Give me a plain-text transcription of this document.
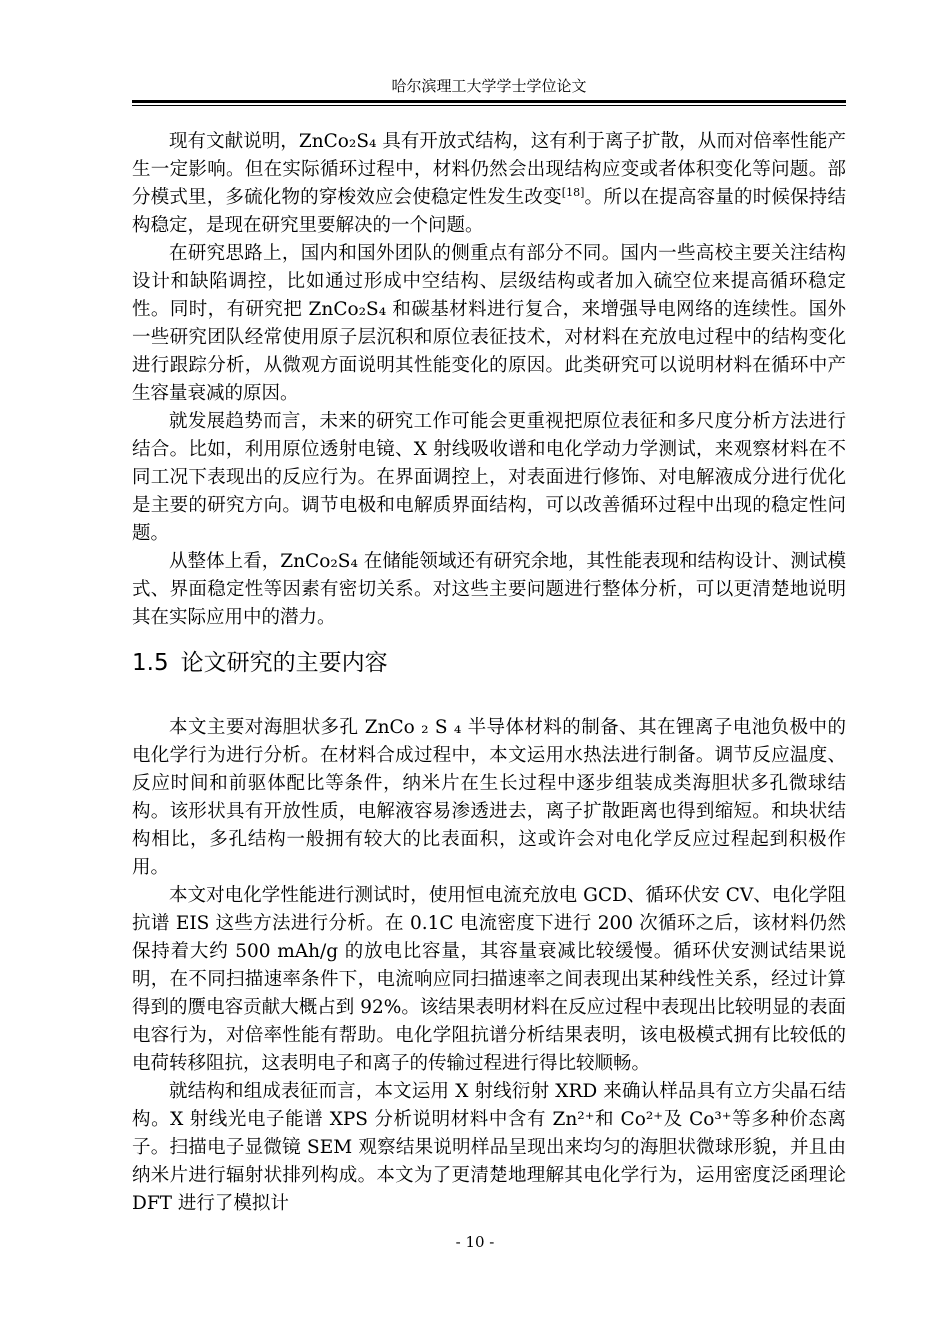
哈尔滨理工大学学士学位论文

现有文献说明，ZnCo₂S₄ 具有开放式结构，这有利于离子扩散，从而对倍率性能产生一定影响。但在实际循环过程中，材料仍然会出现结构应变或者体积变化等问题。部分模式里，多硫化物的穿梭效应会使稳定性发生改变[18]。所以在提高容量的时候保持结构稳定，是现在研究里要解决的一个问题。

在研究思路上，国内和国外团队的侧重点有部分不同。国内一些高校主要关注结构设计和缺陷调控，比如通过形成中空结构、层级结构或者加入硫空位来提高循环稳定性。同时，有研究把 ZnCo₂S₄ 和碳基材料进行复合，来增强导电网络的连续性。国外一些研究团队经常使用原子层沉积和原位表征技术，对材料在充放电过程中的结构变化进行跟踪分析，从微观方面说明其性能变化的原因。此类研究可以说明材料在循环中产生容量衰减的原因。

就发展趋势而言，未来的研究工作可能会更重视把原位表征和多尺度分析方法进行结合。比如，利用原位透射电镜、X 射线吸收谱和电化学动力学测试，来观察材料在不同工况下表现出的反应行为。在界面调控上，对表面进行修饰、对电解液成分进行优化是主要的研究方向。调节电极和电解质界面结构，可以改善循环过程中出现的稳定性问题。

从整体上看，ZnCo₂S₄ 在储能领域还有研究余地，其性能表现和结构设计、测试模式、界面稳定性等因素有密切关系。对这些主要问题进行整体分析，可以更清楚地说明其在实际应用中的潜力。

1.5 论文研究的主要内容

本文主要对海胆状多孔 ZnCo ₂ S ₄ 半导体材料的制备、其在锂离子电池负极中的电化学行为进行分析。在材料合成过程中，本文运用水热法进行制备。调节反应温度、反应时间和前驱体配比等条件，纳米片在生长过程中逐步组装成类海胆状多孔微球结构。该形状具有开放性质，电解液容易渗透进去，离子扩散距离也得到缩短。和块状结构相比，多孔结构一般拥有较大的比表面积，这或许会对电化学反应过程起到积极作用。

本文对电化学性能进行测试时，使用恒电流充放电 GCD、循环伏安 CV、电化学阻抗谱 EIS 这些方法进行分析。在 0.1C 电流密度下进行 200 次循环之后，该材料仍然保持着大约 500 mAh/g 的放电比容量，其容量衰减比较缓慢。循环伏安测试结果说明，在不同扫描速率条件下，电流响应同扫描速率之间表现出某种线性关系，经过计算得到的赝电容贡献大概占到 92%。该结果表明材料在反应过程中表现出比较明显的表面电容行为，对倍率性能有帮助。电化学阻抗谱分析结果表明，该电极模式拥有比较低的电荷转移阻抗，这表明电子和离子的传输过程进行得比较顺畅。

就结构和组成表征而言，本文运用 X 射线衍射 XRD 来确认样品具有立方尖晶石结构。X 射线光电子能谱 XPS 分析说明材料中含有 Zn²⁺和 Co²⁺及 Co³⁺等多种价态离子。扫描电子显微镜 SEM 观察结果说明样品呈现出来均匀的海胆状微球形貌，并且由纳米片进行辐射状排列构成。本文为了更清楚地理解其电化学行为，运用密度泛函理论 DFT 进行了模拟计

- 10 -
